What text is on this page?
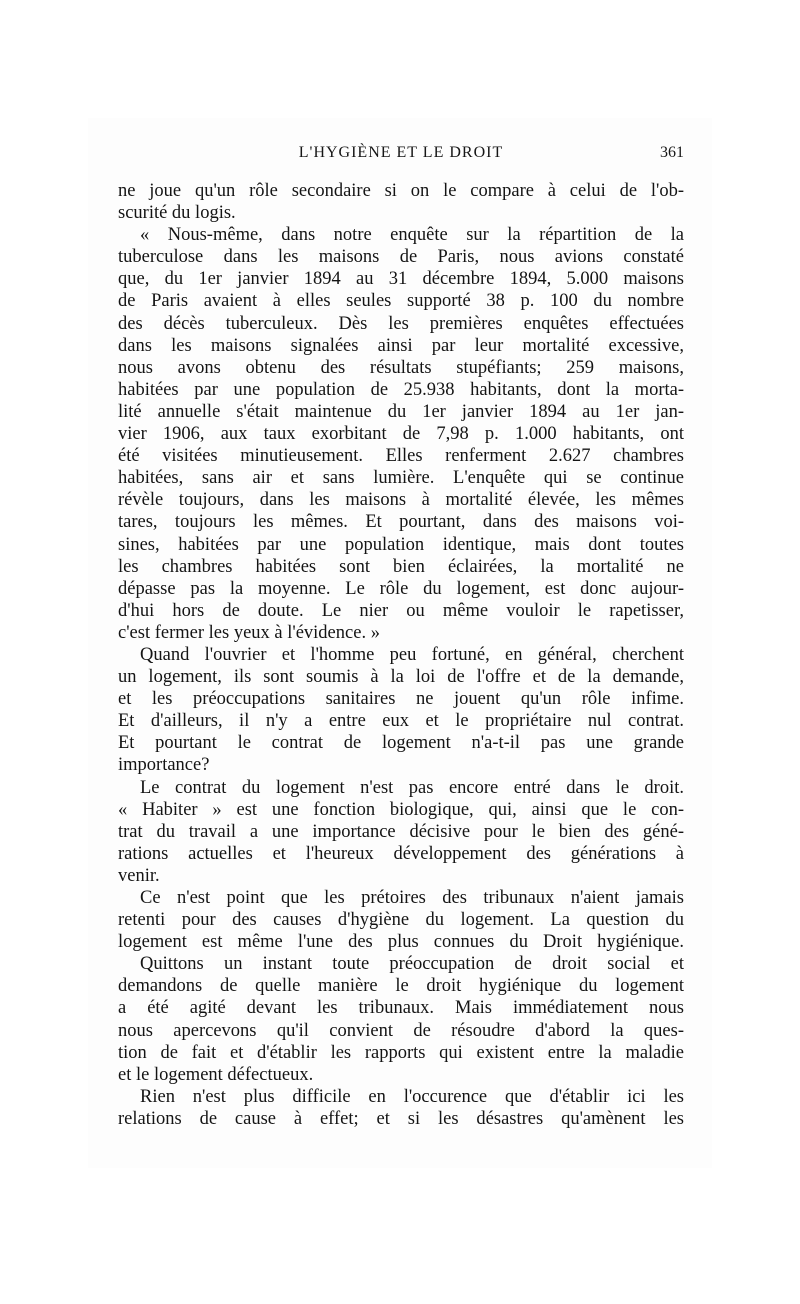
L'HYGIÈNE ET LE DROIT	361
ne joue qu'un rôle secondaire si on le compare à celui de l'ob-
scurité du logis.
« Nous-même, dans notre enquête sur la répartition de la
tuberculose dans les maisons de Paris, nous avions constaté
que, du 1er janvier 1894 au 31 décembre 1894, 5.000 maisons
de Paris avaient à elles seules supporté 38 p. 100 du nombre
des décès tuberculeux. Dès les premières enquêtes effectuées
dans les maisons signalées ainsi par leur mortalité excessive,
nous avons obtenu des résultats stupéfiants; 259 maisons,
habitées par une population de 25.938 habitants, dont la morta-
lité annuelle s'était maintenue du 1er janvier 1894 au 1er jan-
vier 1906, aux taux exorbitant de 7,98 p. 1.000 habitants, ont
été visitées minutieusement. Elles renferment 2.627 chambres
habitées, sans air et sans lumière. L'enquête qui se continue
révèle toujours, dans les maisons à mortalité élevée, les mêmes
tares, toujours les mêmes. Et pourtant, dans des maisons voi-
sines, habitées par une population identique, mais dont toutes
les chambres habitées sont bien éclairées, la mortalité ne
dépasse pas la moyenne. Le rôle du logement, est donc aujour-
d'hui hors de doute. Le nier ou même vouloir le rapetisser,
c'est fermer les yeux à l'évidence. »
Quand l'ouvrier et l'homme peu fortuné, en général, cherchent
un logement, ils sont soumis à la loi de l'offre et de la demande,
et les préoccupations sanitaires ne jouent qu'un rôle infime.
Et d'ailleurs, il n'y a entre eux et le propriétaire nul contrat.
Et pourtant le contrat de logement n'a-t-il pas une grande
importance?
Le contrat du logement n'est pas encore entré dans le droit.
« Habiter » est une fonction biologique, qui, ainsi que le con-
trat du travail a une importance décisive pour le bien des géné-
rations actuelles et l'heureux développement des générations à
venir.
Ce n'est point que les prétoires des tribunaux n'aient jamais
retenti pour des causes d'hygiène du logement. La question du
logement est même l'une des plus connues du Droit hygiénique.
Quittons un instant toute préoccupation de droit social et
demandons de quelle manière le droit hygiénique du logement
a été agité devant les tribunaux. Mais immédiatement nous
nous apercevons qu'il convient de résoudre d'abord la ques-
tion de fait et d'établir les rapports qui existent entre la maladie
et le logement défectueux.
Rien n'est plus difficile en l'occurence que d'établir ici les
relations de cause à effet; et si les désastres qu'amènent les
